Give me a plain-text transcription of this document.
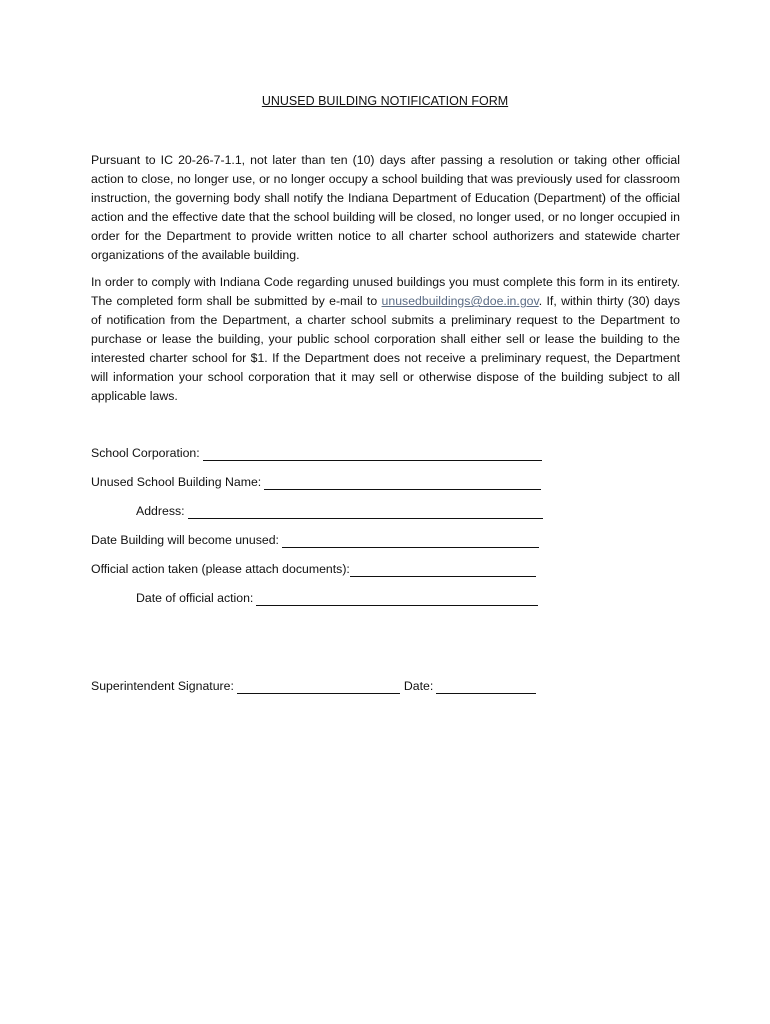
UNUSED BUILDING NOTIFICATION FORM

Pursuant to IC 20-26-7-1.1, not later than ten (10) days after passing a resolution or taking other official action to close, no longer use, or no longer occupy a school building that was previously used for classroom instruction, the governing body shall notify the Indiana Department of Education (Department) of the official action and the effective date that the school building will be closed, no longer used, or no longer occupied in order for the Department to provide written notice to all charter school authorizers and statewide charter organizations of the available building.

In order to comply with Indiana Code regarding unused buildings you must complete this form in its entirety. The completed form shall be submitted by e-mail to unusedbuildings@doe.in.gov. If, within thirty (30) days of notification from the Department, a charter school submits a preliminary request to the Department to purchase or lease the building, your public school corporation shall either sell or lease the building to the interested charter school for $1. If the Department does not receive a preliminary request, the Department will information your school corporation that it may sell or otherwise dispose of the building subject to all applicable laws.

School Corporation:
Unused School Building Name:
Address:
Date Building will become unused:
Official action taken (please attach documents):
Date of official action:
Superintendent Signature:	Date:
